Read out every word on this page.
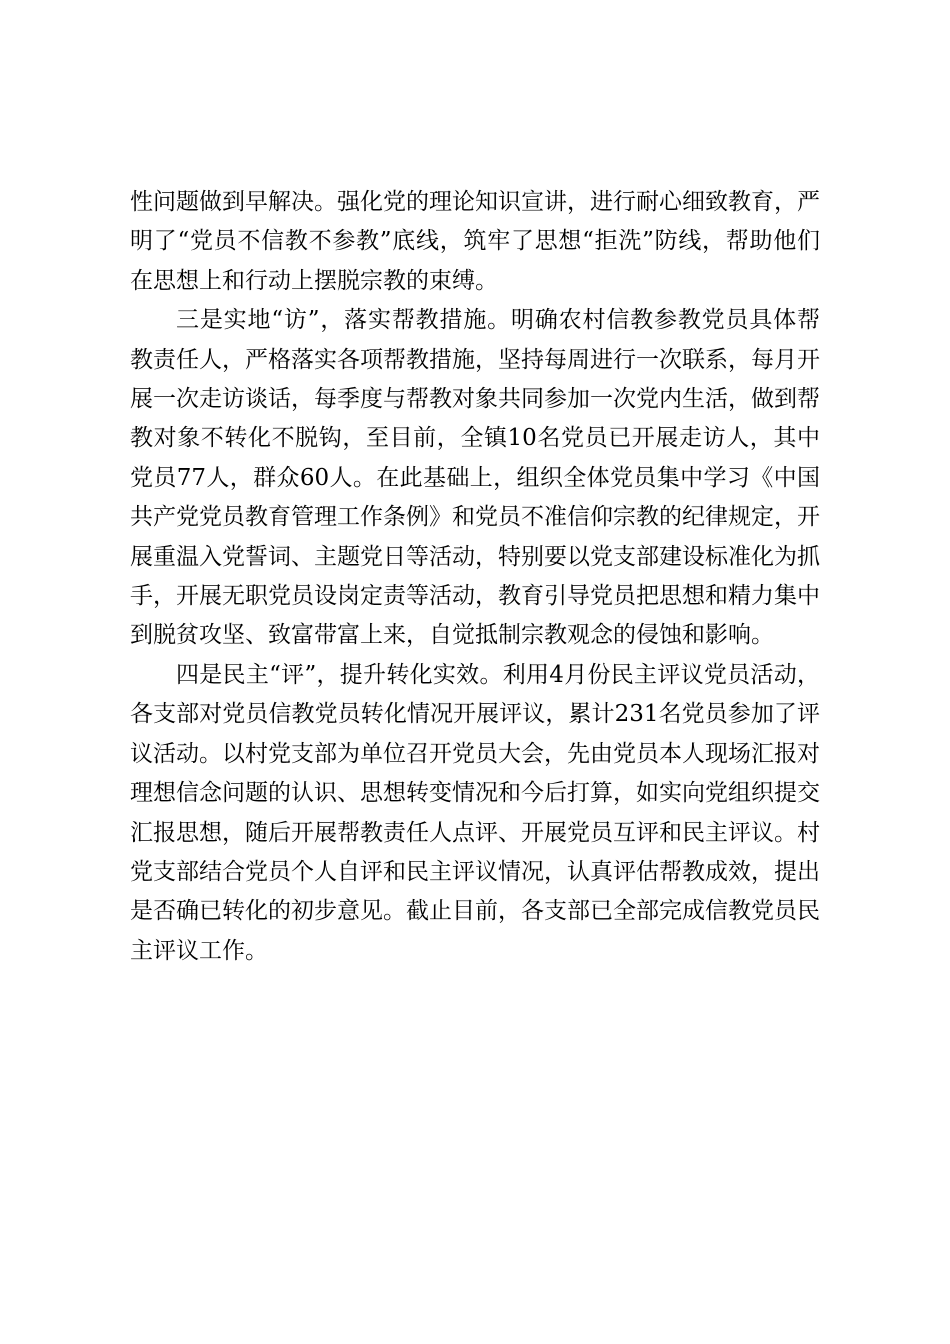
性问题做到早解决。强化党的理论知识宣讲，进行耐心细致教育，严明了“党员不信教不参教”底线，筑牢了思想“拒洗”防线，帮助他们在思想上和行动上摆脱宗教的束缚。

三是实地“访”，落实帮教措施。明确农村信教参教党员具体帮教责任人，严格落实各项帮教措施，坚持每周进行一次联系，每月开展一次走访谈话，每季度与帮教对象共同参加一次党内生活，做到帮教对象不转化不脱钩，至目前，全镇10名党员已开展走访人，其中党员77人，群众60人。在此基础上，组织全体党员集中学习《中国共产党党员教育管理工作条例》和党员不准信仰宗教的纪律规定，开展重温入党誓词、主题党日等活动，特别要以党支部建设标准化为抓手，开展无职党员设岗定责等活动，教育引导党员把思想和精力集中到脱贫攻坚、致富带富上来，自觉抵制宗教观念的侵蚀和影响。

四是民主“评”，提升转化实效。利用4月份民主评议党员活动，各支部对党员信教党员转化情况开展评议，累计231名党员参加了评议活动。以村党支部为单位召开党员大会，先由党员本人现场汇报对理想信念问题的认识、思想转变情况和今后打算，如实向党组织提交汇报思想，随后开展帮教责任人点评、开展党员互评和民主评议。村党支部结合党员个人自评和民主评议情况，认真评估帮教成效，提出是否确已转化的初步意见。截止目前，各支部已全部完成信教党员民主评议工作。
